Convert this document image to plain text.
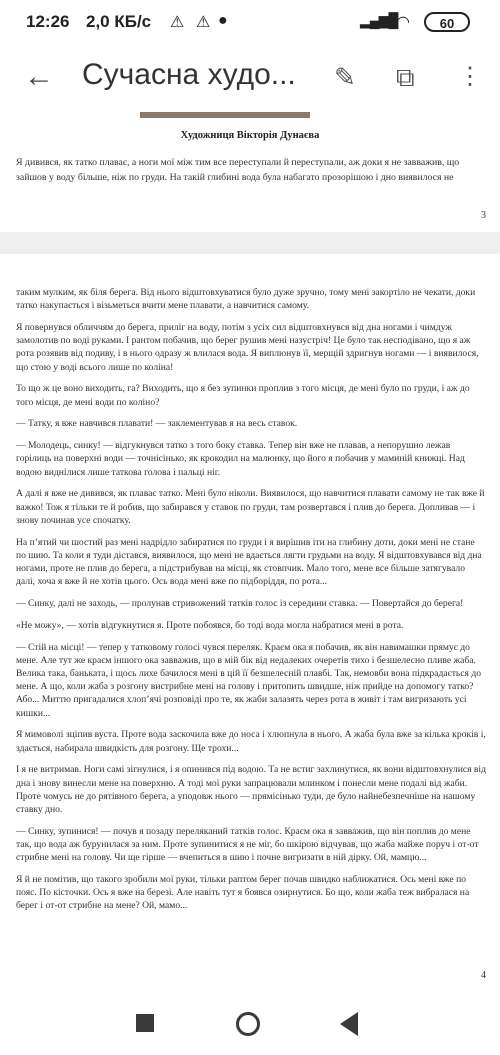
12:26 2,0 КБ/с ⚠ ⚠ ●	▂▄▆█
◠	60
← Сучасна худо... ✎ ⧉ ⋮
Художниця Вікторія Дунаєва
Я дивився, як татко плаває, а ноги мої між тим все переступали й переступали, аж доки я не завважив, що зайшов у воду більше, ніж по груди. На такій глибині вода була набагато прозорішою і дно виявилося не
3

таким мулким, як біля берега. Від нього відштовхуватися було дуже зручно, тому мені закортіло не чекати, доки татко накупається і візьметься вчити мене плавати, а навчитися самому.

Я повернувся обличчям до берега, приліг на воду, потім з усіх сил відштовхнувся від дна ногами і чимдуж замолотив по воді руками. І рантом побачив, що берег рушив мені назустріч! Це було так несподівано, що я аж рота розявив від подиву, і в нього одразу ж влилася вода. Я виплюнув її, мерщій здригнув ногами — і виявилося, що стою у воді всього лише по коліна!

То що ж це воно виходить, га? Виходить, що я без зупинки проплив з того місця, де мені було по груди, і аж до того місця, де мені води по коліно?

— Татку, я вже навчився плавати! — заклементував я на весь ставок.

— Молодець, синку! — відгукнувся татко з того боку ставка. Тепер він вже не плавав, а непорушно лежав горілиць на поверхні води — точнісінько, як крокодил на малюнку, що його я побачив у маминій книжці. Над водою виднілися лише таткова голова і пальці ніг.

А далі я вже не дивився, як плаває татко. Мені було ніколи. Виявилося, що навчитися плавати самому не так вже й важко! Тож я тільки те й робив, що забирався у ставок по груди, там розвертався і плив до берега. Допливав — і знову починав усе спочатку.

На п’ятий чи шостий раз мені надрідло забиратися по груди і я вирішив іти на глибину доти, доки мені не стане по шию. Та коли я туди дістався, виявилося, що мені не вдається лягти грудьми на воду. Я відштовхувався від дна ногами, проте не плив до берега, а підстрибував на місці, як стовпчик. Мало того, мене все більше затягувало далі, хоча я вже й не хотів цього. Ось вода мені вже по підборіддя, по рота...

— Синку, далі не заходь, — пролунав стривожений татків голос із середини ставка. — Повертайся до берега!

«Не можу», — хотів відгукнутися я. Проте побоявся, бо тоді вода могла набратися мені в рота.

— Стій на місці! — тепер у татковому голосі чувся переляк. Краєм ока я побачив, як він навимашки прямує до мене. Але тут же краєм іншого ока завважив, що в мій бік від недалеких очеретів тихо і безшелесно пливе жаба. Велика така, баньката, і щось лихе бачилося мені в цій її безшелесній плавбі. Так, немовби вона підкрадається до мене. А що, коли жаба з розгону вистрибне мені на голову і притопить швидше, ніж прийде на допомогу татко? Або... Миттю пригадалися хлоп’ячі розповіді про те, як жаби залазять через рота в живіт і там вигризають усі кишки...

Я мимоволі зціпив вуста. Проте вода заскочила вже до носа і хлюпнула в нього. А жаба була вже за кілька кроків і, здається, набирала швидкість для розгону. Ще трохи...

І я не витримав. Ноги самі зігнулися, і я опинився під водою. Та не встиг захлинутися, як вони відштовхнулися від дна і знову винесли мене на поверхню. А тоді мої руки запрацювали млинком і понесли мене подалі від жаби. Проте чомусь не до рятівного берега, а уподовж нього — прямісінько туди, де було найнебезпечніше на нашому ставку дно.

— Синку, зупинися! — почув я позаду переляканий татків голос. Краєм ока я завважив, що він поплив до мене так, що вода аж бурунилася за ним. Проте зупинитися я не міг, бо шкірою відчував, що жаба майже поруч і от-от стрибне мені на голову. Чи ще гірше — вчепиться в шию і почне вигризати в ній дірку. Ой, мамцю...

Я й не помітив, що такого зробили мої руки, тільки раптом берег почав швидко наближатися. Ось мені вже по пояс. По кісточки. Ось я вже на березі. Але навіть тут я боявся озирнутися. Бо що, коли жаба теж вибралася на берег і от-от стрибне на мене? Ой, мамо...

4
